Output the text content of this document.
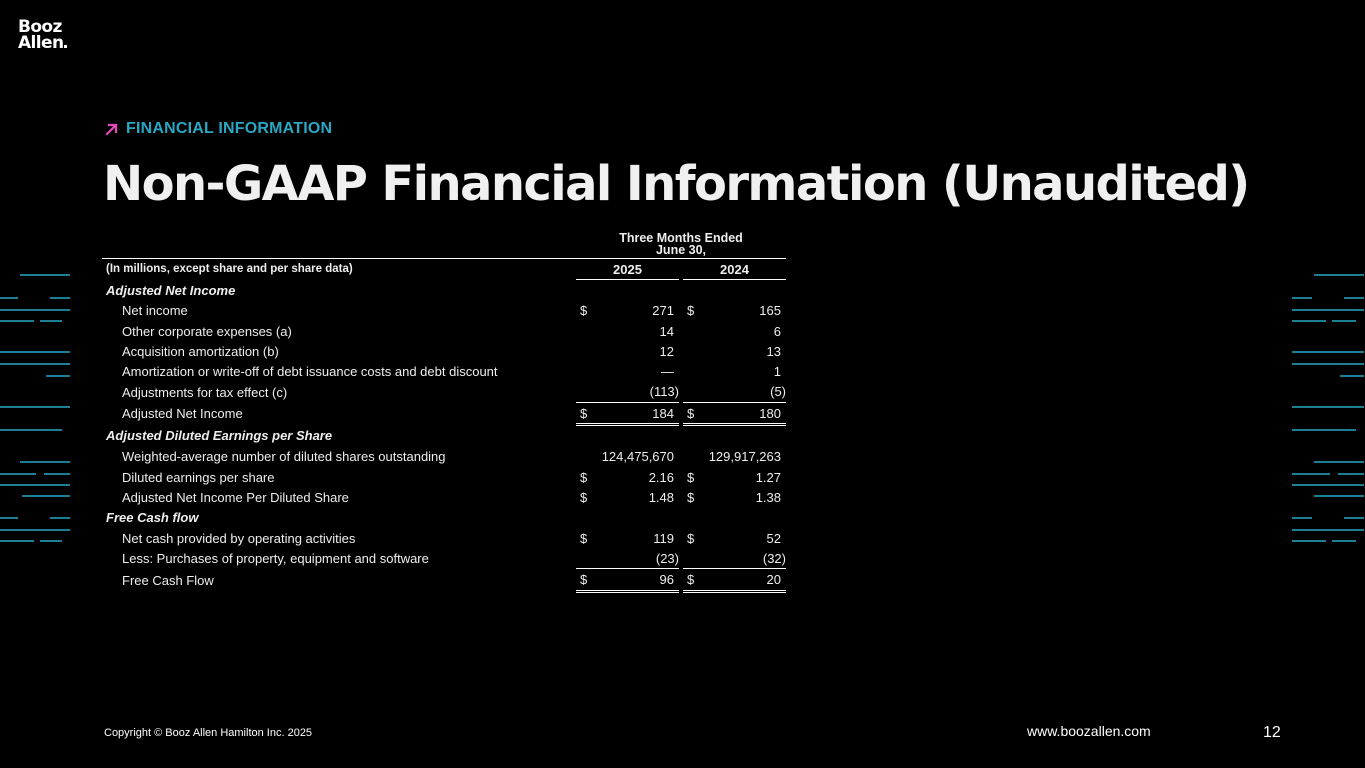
Booz
Allen
FINANCIAL INFORMATION
Non-GAAP Financial Information (Unaudited)

		Three Months Ended
June 30,				

(In millions, except share and per share data)		2025			2024	
Adjusted Net Income						
Net income		$	271		$	165
Other corporate expenses (a)			14			6
Acquisition amortization (b)			12			13
Amortization or write-off of debt issuance costs and debt discount			—			1
Adjustments for tax effect (c)			(113)			(5)
Adjusted Net Income		$	184		$	180
Adjusted Diluted Earnings per Share						
Weighted-average number of diluted shares outstanding			124,475,670			129,917,263
Diluted earnings per share		$	2.16		$	1.27
Adjusted Net Income Per Diluted Share		$	1.48		$	1.38
Free Cash flow						
Net cash provided by operating activities		$	119		$	52
Less: Purchases of property, equipment and software			(23)			(32)
Free Cash Flow		$	96		$	20
Copyright © Booz Allen Hamilton Inc. 2025	www.boozallen.com	12
